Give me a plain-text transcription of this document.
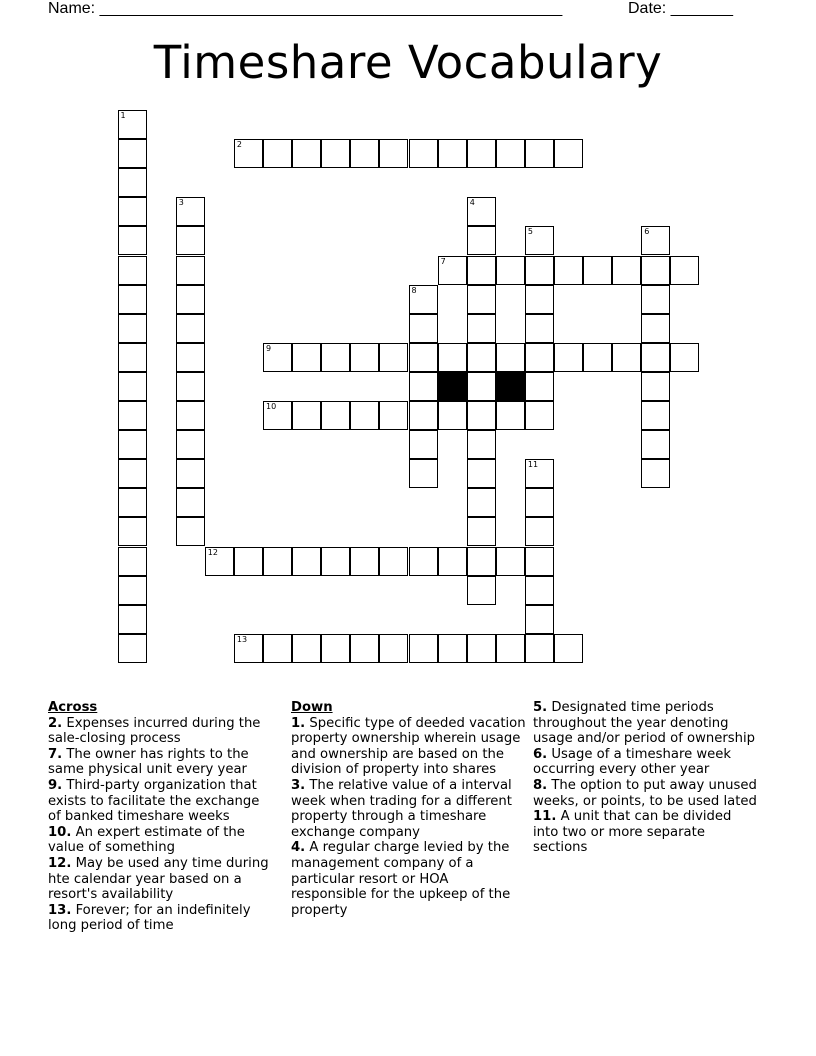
Name: ____________________________________________________	Date: _______
Timeshare Vocabulary
1
2
3	4
5	6
7
8
9
10
11
12
13
Across
2. Expenses incurred during the sale-closing process
7. The owner has rights to the same physical unit every year
9. Third-party organization that exists to facilitate the exchange of banked timeshare weeks
10. An expert estimate of the value of something
12. May be used any time during hte calendar year based on a resort's availability
13. Forever; for an indefinitely long period of time
Down
1. Specific type of deeded vacation property ownership wherein usage and ownership are based on the division of property into shares
3. The relative value of a interval week when trading for a different property through a timeshare exchange company
4. A regular charge levied by the management company of a particular resort or HOA responsible for the upkeep of the property
5. Designated time periods throughout the year denoting usage and/or period of ownership
6. Usage of a timeshare week occurring every other year
8. The option to put away unused weeks, or points, to be used lated
11. A unit that can be divided into two or more separate sections
